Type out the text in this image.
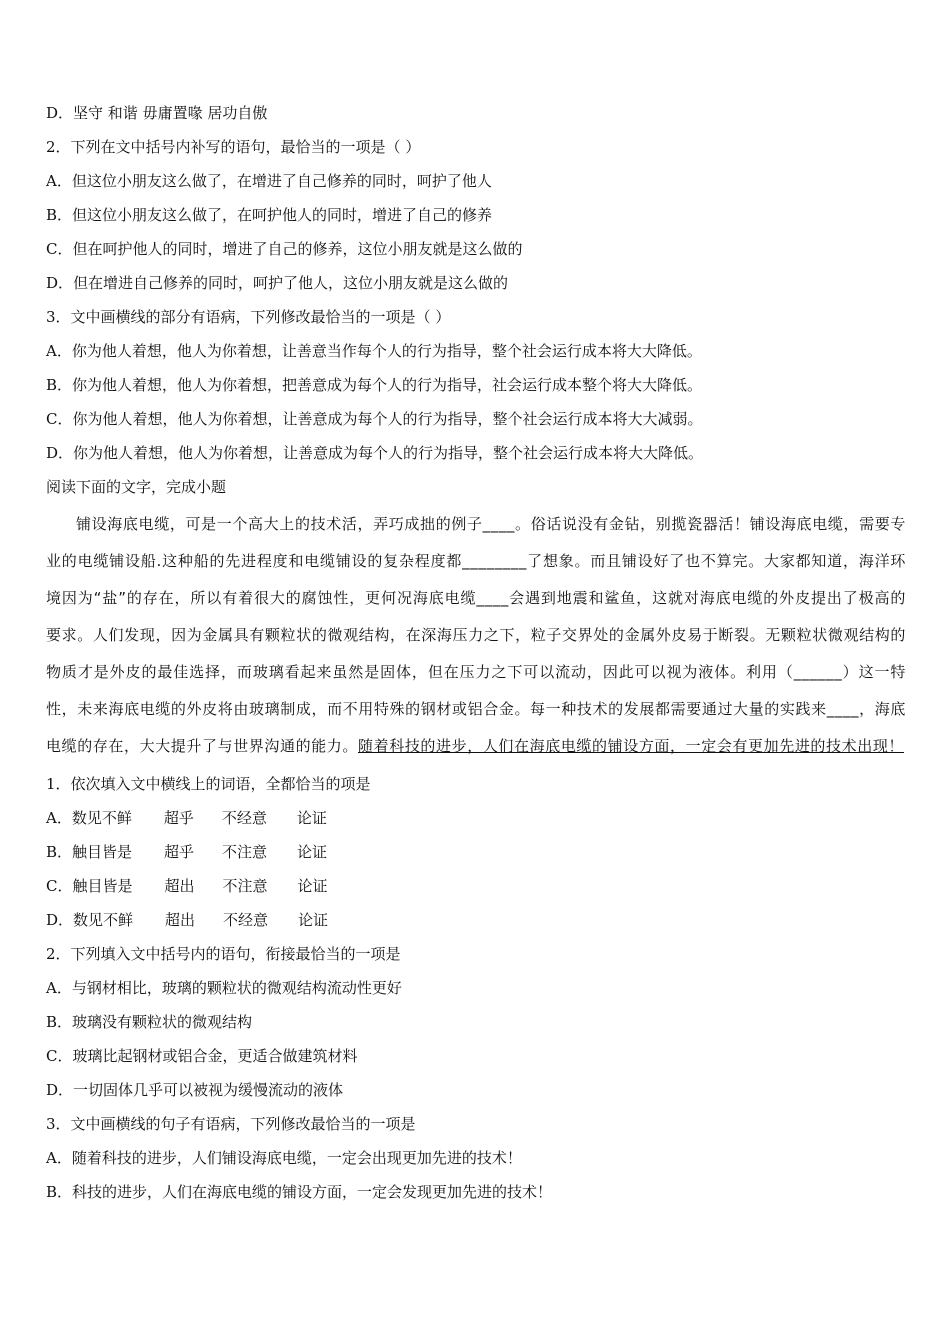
D．坚守 和谐 毋庸置喙 居功自傲
2．下列在文中括号内补写的语句，最恰当的一项是（ ）
A．但这位小朋友这么做了，在增进了自己修养的同时，呵护了他人
B．但这位小朋友这么做了，在呵护他人的同时，增进了自己的修养
C．但在呵护他人的同时，增进了自己的修养，这位小朋友就是这么做的
D．但在增进自己修养的同时，呵护了他人，这位小朋友就是这么做的
3．文中画横线的部分有语病，下列修改最恰当的一项是（ ）
A．你为他人着想，他人为你着想，让善意当作每个人的行为指导，整个社会运行成本将大大降低。
B．你为他人着想，他人为你着想，把善意成为每个人的行为指导，社会运行成本整个将大大降低。
C．你为他人着想，他人为你着想，让善意成为每个人的行为指导，整个社会运行成本将大大减弱。
D．你为他人着想，他人为你着想，让善意成为每个人的行为指导，整个社会运行成本将大大降低。
阅读下面的文字，完成小题
铺设海底电缆，可是一个高大上的技术活，弄巧成拙的例子____。俗话说没有金钻，别揽瓷器活！铺设海底电缆，需要专业的电缆铺设船.这种船的先进程度和电缆铺设的复杂程度都________了想象。而且铺设好了也不算完。大家都知道，海洋环境因为“盐”的存在，所以有着很大的腐蚀性，更何况海底电缆____会遇到地震和鲨鱼，这就对海底电缆的外皮提出了极高的要求。人们发现，因为金属具有颗粒状的微观结构，在深海压力之下，粒子交界处的金属外皮易于断裂。无颗粒状微观结构的物质才是外皮的最佳选择，而玻璃看起来虽然是固体，但在压力之下可以流动，因此可以视为液体。利用（______）这一特性，未来海底电缆的外皮将由玻璃制成，而不用特殊的钢材或铝合金。每一种技术的发展都需要通过大量的实践来____，海底电缆的存在，大大提升了与世界沟通的能力。随着科技的进步，人们在海底电缆的铺设方面，一定会有更加先进的技术出现！
1．依次填入文中横线上的词语，全都恰当的项是
A．数见不鲜 超乎 不经意 论证
B．触目皆是 超乎 不注意 论证
C．触目皆是 超出 不注意 论证
D．数见不鲜 超出 不经意 论证
2．下列填入文中括号内的语句，衔接最恰当的一项是
A．与钢材相比，玻璃的颗粒状的微观结构流动性更好
B．玻璃没有颗粒状的微观结构
C．玻璃比起钢材或铝合金，更适合做建筑材料
D．一切固体几乎可以被视为缓慢流动的液体
3．文中画横线的句子有语病，下列修改最恰当的一项是
A．随着科技的进步，人们铺设海底电缆，一定会出现更加先进的技术！
B．科技的进步，人们在海底电缆的铺设方面，一定会发现更加先进的技术！
